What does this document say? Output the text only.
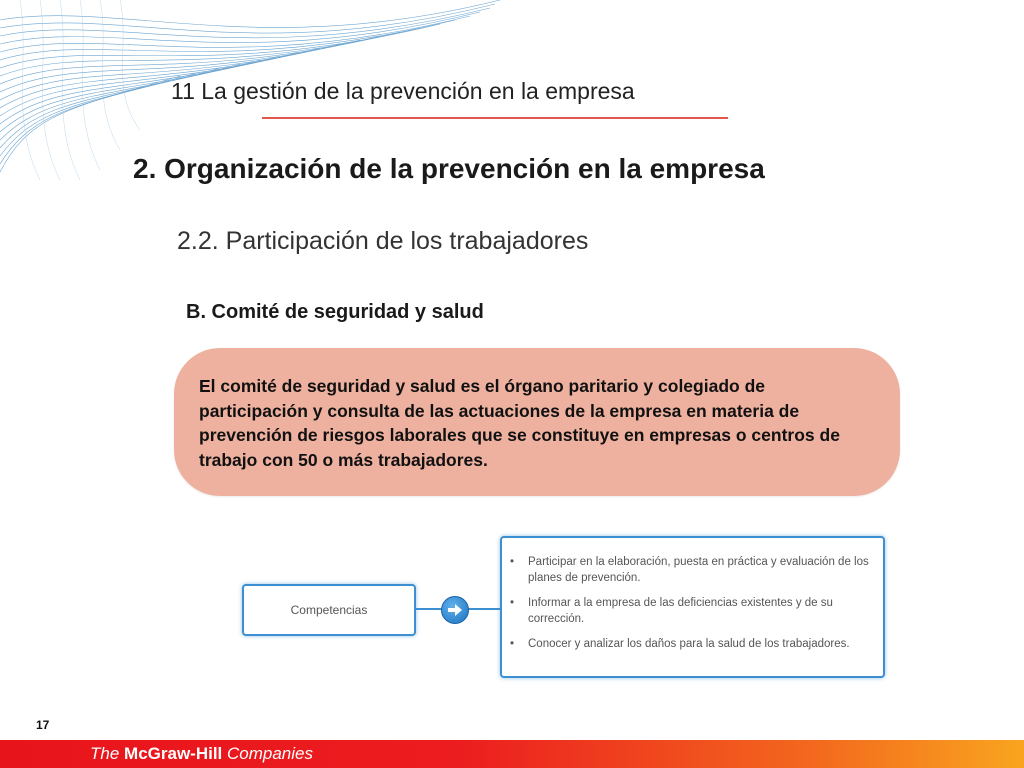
11 La gestión de la prevención en la empresa
2. Organización de la prevención en la empresa
2.2. Participación de los trabajadores
B. Comité de seguridad y salud
El comité de seguridad y salud es el órgano paritario y colegiado de participación y consulta de las actuaciones de la empresa en materia de prevención de riesgos laborales que se constituye en empresas o centros de trabajo con 50 o más trabajadores.
Competencias
• Participar en la elaboración, puesta en práctica y evaluación de los planes de prevención.
• Informar a la empresa de las deficiencias existentes y de su corrección.
• Conocer y analizar los daños para la salud de los trabajadores.
17
The McGraw-Hill Companies
